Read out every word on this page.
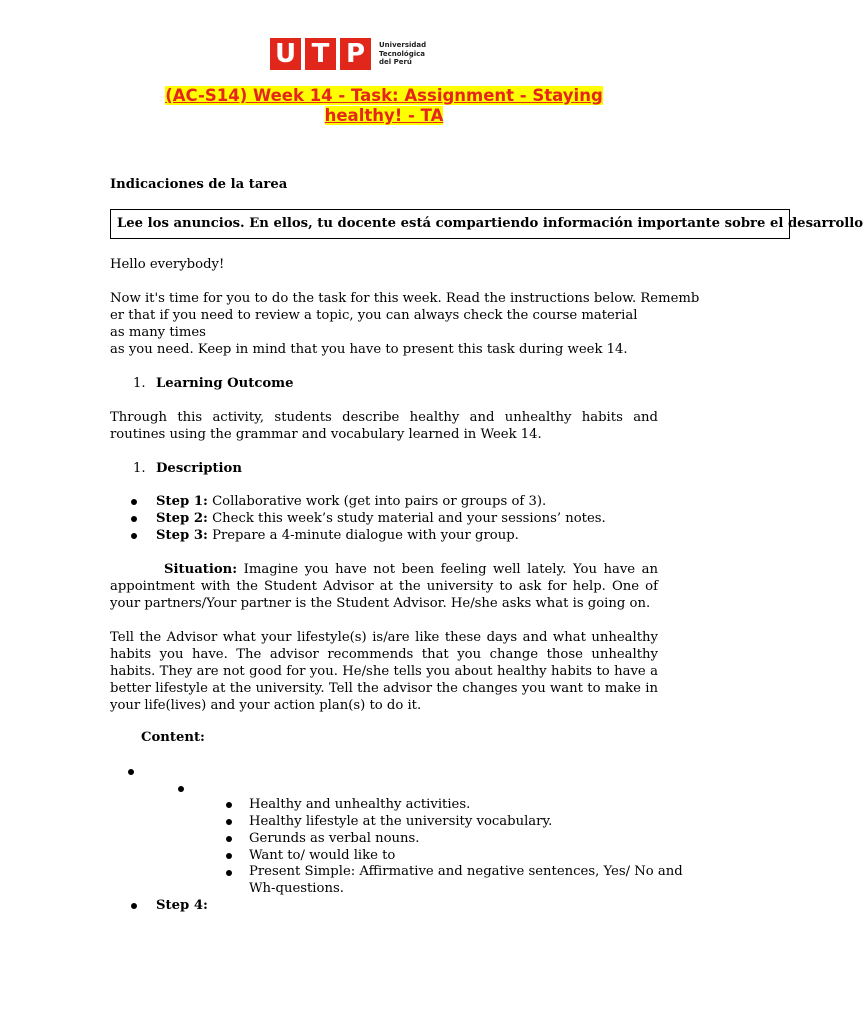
U T P	Universidad
Tecnológica
del Perú
(AC-S14) Week 14 - Task: Assignment - Staying
healthy! - TA
Indicaciones de la tarea
Lee los anuncios. En ellos, tu docente está compartiendo información importante sobre el desarrollo
Hello everybody!
Now it's time for you to do the task for this week. Read the instructions below. Rememb
er that if you need to review a topic, you can always check the course material
as many times
as you need. Keep in mind that you have to present this task during week 14.
1. Learning Outcome
Through this activity, students describe healthy and unhealthy habits and routines using the grammar and vocabulary learned in Week 14.
1. Description
Step 1: Collaborative work (get into pairs or groups of 3).
Step 2: Check this week’s study material and your sessions’ notes.
Step 3: Prepare a 4-minute dialogue with your group.
Situation: Imagine you have not been feeling well lately. You have an appointment with the Student Advisor at the university to ask for help. One of your partners/Your partner is the Student Advisor. He/she asks what is going on.
Tell the Advisor what your lifestyle(s) is/are like these days and what unhealthy habits you have. The advisor recommends that you change those unhealthy habits. They are not good for you. He/she tells you about healthy habits to have a better lifestyle at the university. Tell the advisor the changes you want to make in your life(lives) and your action plan(s) to do it.
Content:
Healthy and unhealthy activities.
Healthy lifestyle at the university vocabulary.
Gerunds as verbal nouns.
Want to/ would like to
Present Simple: Affirmative and negative sentences, Yes/ No and
Wh-questions.
Step 4:
